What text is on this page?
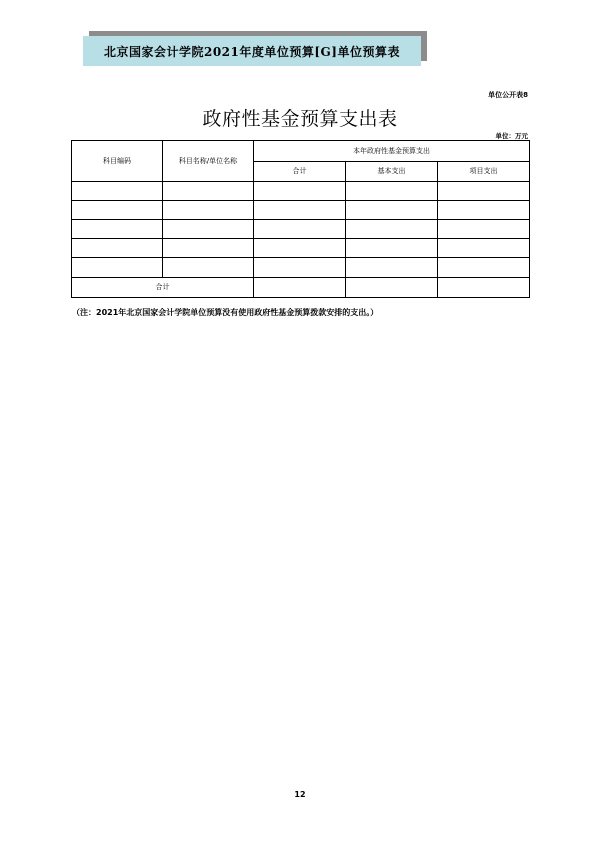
北京国家会计学院2021年度单位预算[G]单位预算表
单位公开表8
政府性基金预算支出表
单位：万元
科目编码	科目名称/单位名称	本年政府性基金预算支出		
		合计	基本支出	项目支出

合计				
（注：2021年北京国家会计学院单位预算没有使用政府性基金预算拨款安排的支出。）
12
